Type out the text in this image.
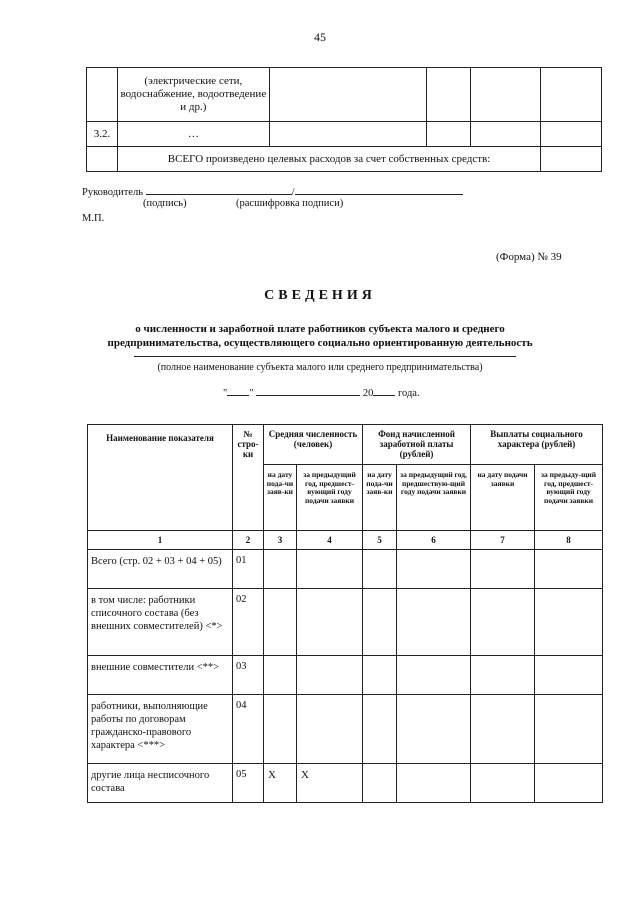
45
	(электрические сети, водоснабжение, водоотведение и др.)				
3.2.	…				
	ВСЕГО произведено целевых расходов за счет собственных средств:				
Руководитель	/
(подпись)	(расшифровка подписи)
М.П.
(Форма) № 39
СВЕДЕНИЯ
о численности и заработной плате работников субъекта малого и среднего
предпринимательства, осуществляющего социально ориентированную деятельность
(полное наименование субъекта малого или среднего предпринимательства)
" "	20 года.
Наименование показателя	№ стро-ки	Средняя численность (человек)		Фонд начисленной заработной платы (рублей)		Выплаты социального характера (рублей)	
		на дату пода-чи заяв-ки	за предыдущий год, предшест-вующий году подачи заявки	на дату пода-чи заяв-ки	за предыдущий год, предшествую-щий году подачи заявки	на дату подачи заявки	за предыду-щий год, предшест-вующий году подачи заявки
1	2	3	4	5	6	7	8
Всего (стр. 02 + 03 + 04 + 05)	01						
в том числе: работники списочного состава (без внешних совместителей) <*>	02						
внешние совместители <**>	03						
работники, выполняющие работы по договорам гражданско-правового характера <***>	04						
другие лица несписочного состава	05	X	X				
